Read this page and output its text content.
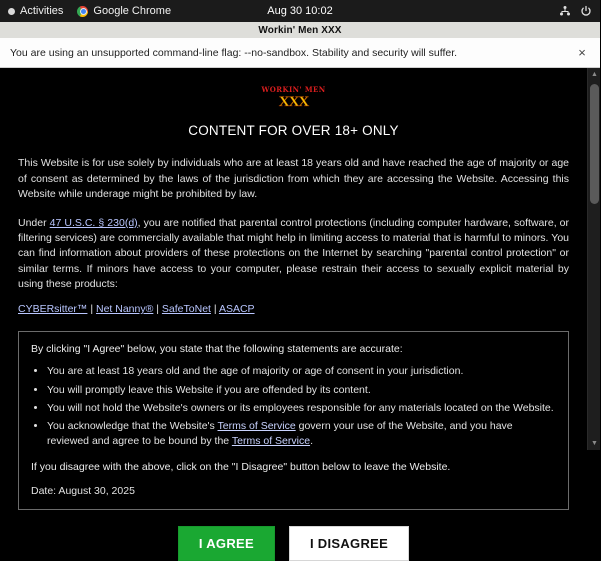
Activities	Google Chrome	Aug 30 10:02
Workin' Men XXX
You are using an unsupported command-line flag: --no-sandbox. Stability and security will suffer.	×
WORKIN' MEN
XXX
CONTENT FOR OVER 18+ ONLY

This Website is for use solely by individuals who are at least 18 years old and have reached the age of majority or age of consent as determined by the laws of the jurisdiction from which they are accessing the Website. Accessing this Website while underage might be prohibited by law.

Under 47 U.S.C. § 230(d), you are notified that parental control protections (including computer hardware, software, or filtering services) are commercially available that might help in limiting access to material that is harmful to minors. You can find information about providers of these protections on the Internet by searching "parental control protection" or similar terms. If minors have access to your computer, please restrain their access to sexually explicit material by using these products:

CYBERsitter™ | Net Nanny® | SafeToNet | ASACP

By clicking "I Agree" below, you state that the following statements are accurate:
• You are at least 18 years old and the age of majority or age of consent in your jurisdiction.
• You will promptly leave this Website if you are offended by its content.
• You will not hold the Website's owners or its employees responsible for any materials located on the Website.
• You acknowledge that the Website's Terms of Service govern your use of the Website, and you have reviewed and agree to be bound by the Terms of Service.
If you disagree with the above, click on the "I Disagree" button below to leave the Website.
Date: August 30, 2025
I AGREE	I DISAGREE
▲
▼
